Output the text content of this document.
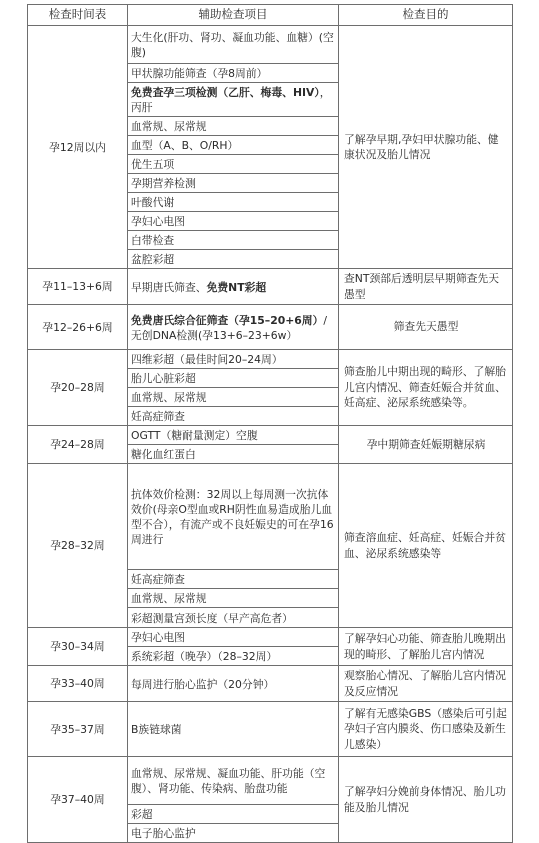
检查时间表	辅助检查项目	检查目的
孕12周以内	大生化(肝功、肾功、凝血功能、血糖）(空腹)	了解孕早期,孕妇甲状腺功能、健康状况及胎儿情况
	甲状腺功能筛查（孕8周前）	
	免费查孕三项检测（乙肝、梅毒、HIV），丙肝	
	血常规、尿常规	
	血型（A、B、O/RH）	
	优生五项	
	孕期营养检测	
	叶酸代谢	
	孕妇心电图	
	白带检查	
	盆腔彩超	
孕11–13+6周	早期唐氏筛查、免费NT彩超	查NT颈部后透明层早期筛查先天愚型
孕12–26+6周	免费唐氏综合征筛查（孕15–20+6周）/无创DNA检测(孕13+6–23+6w）	筛查先天愚型
孕20–28周	四维彩超（最佳时间20–24周）	筛查胎儿中期出现的畸形、了解胎儿宫内情况、筛查妊娠合并贫血、妊高症、泌尿系统感染等。
	胎儿心脏彩超	
	血常规、尿常规	
	妊高症筛查	
孕24–28周	OGTT（糖耐量测定）空腹	孕中期筛查妊娠期糖尿病
	糖化血红蛋白	
孕28–32周	抗体效价检测：32周以上每周测一次抗体效价(母亲O型血或RH阴性血易造成胎儿血型不合），有流产或不良妊娠史的可在孕16周进行	筛查溶血症、妊高症、妊娠合并贫血、泌尿系统感染等
	妊高症筛查	
	血常规、尿常规	
	彩超测量宫颈长度（早产高危者）	
孕30–34周	孕妇心电图	了解孕妇心功能、筛查胎儿晚期出现的畸形、了解胎儿宫内情况
	系统彩超（晚孕）（28–32周）	
孕33–40周	每周进行胎心监护（20分钟）	观察胎心情况、了解胎儿宫内情况及反应情况
孕35–37周	B族链球菌	了解有无感染GBS（感染后可引起孕妇子宫内膜炎、伤口感染及新生儿感染）
孕37–40周	血常规、尿常规、凝血功能、肝功能（空腹）、肾功能、传染病、胎盘功能	了解孕妇分娩前身体情况、胎儿功能及胎儿情况
	彩超	
	电子胎心监护	
